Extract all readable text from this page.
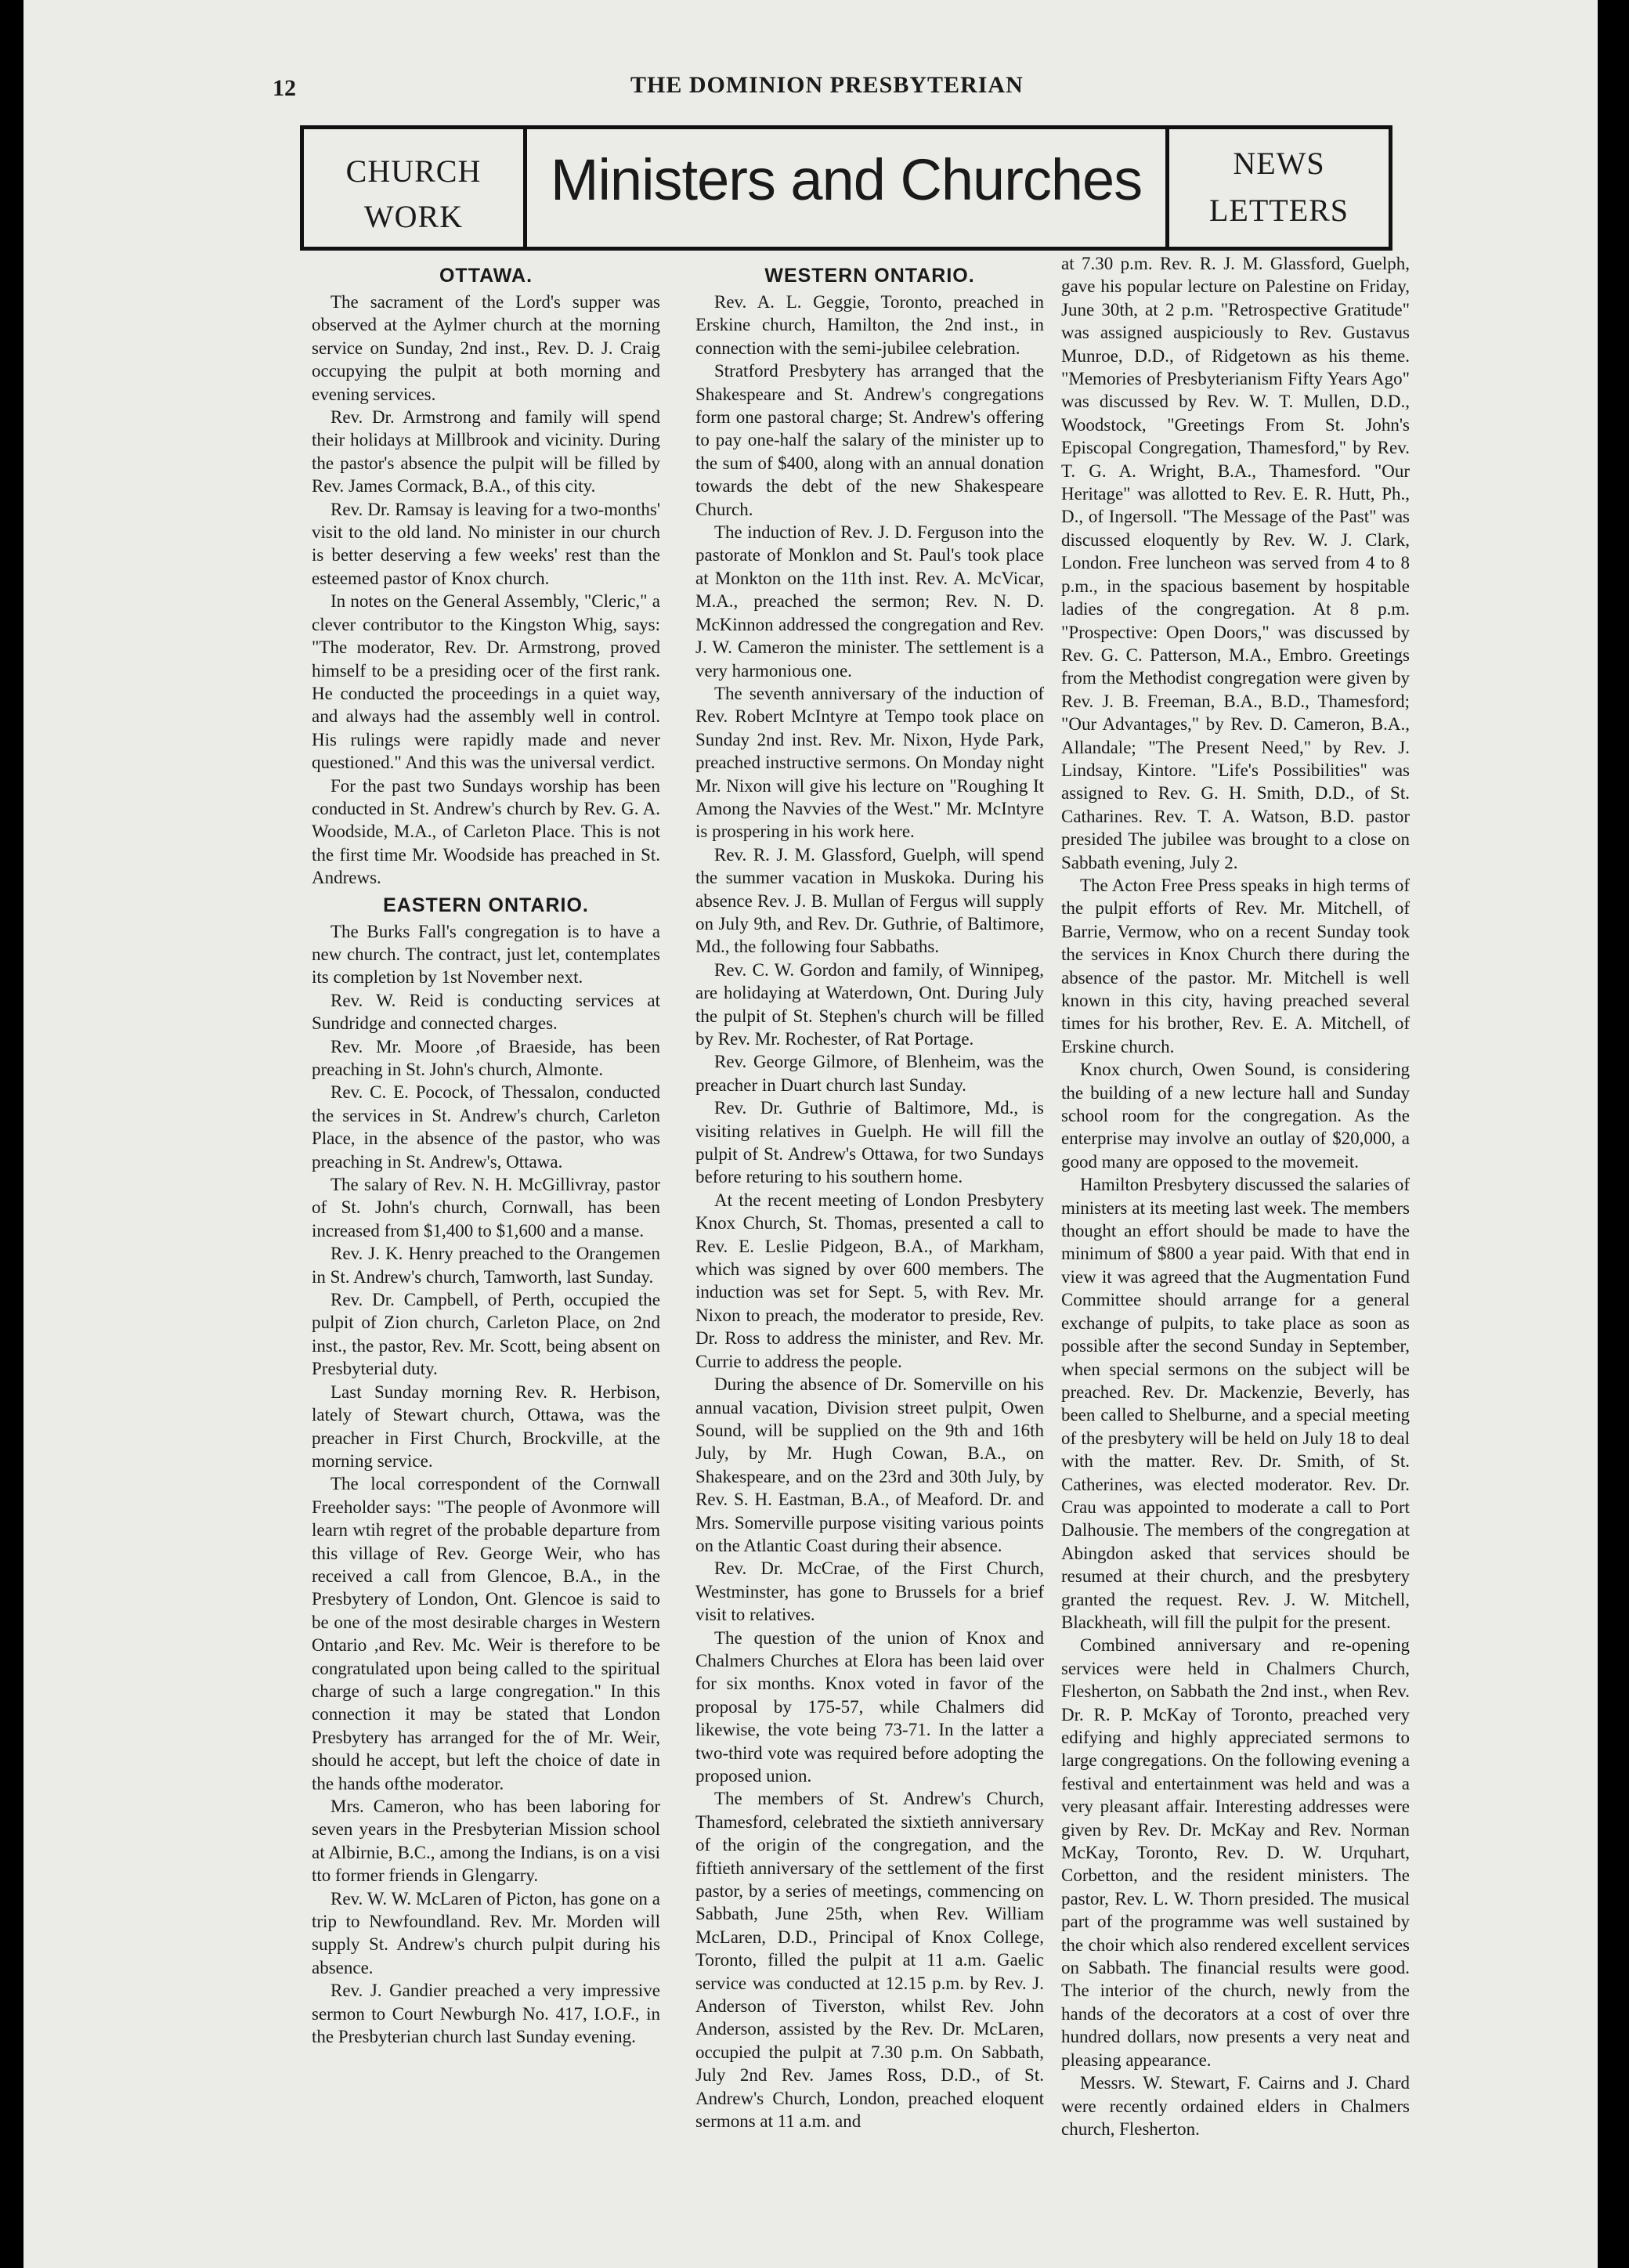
12	THE DOMINION PRESBYTERIAN
CHURCH
WORK
Ministers and Churches	NEWS
LETTERS
OTTAWA.

The sacrament of the Lord's supper was observed at the Aylmer church at the morning service on Sunday, 2nd inst., Rev. D. J. Craig occupying the pulpit at both morning and evening services.

Rev. Dr. Armstrong and family will spend their holidays at Millbrook and vicinity. During the pastor's absence the pulpit will be filled by Rev. James Cormack, B.A., of this city.

Rev. Dr. Ramsay is leaving for a two-months' visit to the old land. No minister in our church is better deserving a few weeks' rest than the esteemed pastor of Knox church.

In notes on the General Assembly, "Cleric," a clever contributor to the Kingston Whig, says: "The moderator, Rev. Dr. Armstrong, proved himself to be a presiding ocer of the first rank. He conducted the proceedings in a quiet way, and always had the assembly well in control. His rulings were rapidly made and never questioned." And this was the universal verdict.

For the past two Sundays worship has been conducted in St. Andrew's church by Rev. G. A. Woodside, M.A., of Carleton Place. This is not the first time Mr. Woodside has preached in St. Andrews.

EASTERN ONTARIO.

The Burks Fall's congregation is to have a new church. The contract, just let, contemplates its completion by 1st November next.

Rev. W. Reid is conducting services at Sundridge and connected charges.

Rev. Mr. Moore ,of Braeside, has been preaching in St. John's church, Almonte.

Rev. C. E. Pocock, of Thessalon, conducted the services in St. Andrew's church, Carleton Place, in the absence of the pastor, who was preaching in St. Andrew's, Ottawa.

The salary of Rev. N. H. McGillivray, pastor of St. John's church, Cornwall, has been increased from $1,400 to $1,600 and a manse.

Rev. J. K. Henry preached to the Orangemen in St. Andrew's church, Tamworth, last Sunday.

Rev. Dr. Campbell, of Perth, occupied the pulpit of Zion church, Carleton Place, on 2nd inst., the pastor, Rev. Mr. Scott, being absent on Presbyterial duty.

Last Sunday morning Rev. R. Herbison, lately of Stewart church, Ottawa, was the preacher in First Church, Brockville, at the morning service.

The local correspondent of the Cornwall Freeholder says: "The people of Avonmore will learn wtih regret of the probable departure from this village of Rev. George Weir, who has received a call from Glencoe, B.A., in the Presbytery of London, Ont. Glencoe is said to be one of the most desirable charges in Western Ontario ,and Rev. Mc. Weir is therefore to be congratulated upon being called to the spiritual charge of such a large congregation." In this connection it may be stated that London Presbytery has arranged for the of Mr. Weir, should he accept, but left the choice of date in the hands ofthe moderator.

Mrs. Cameron, who has been laboring for seven years in the Presbyterian Mission school at Albirnie, B.C., among the Indians, is on a visi tto former friends in Glengarry.

Rev. W. W. McLaren of Picton, has gone on a trip to Newfoundland. Rev. Mr. Morden will supply St. Andrew's church pulpit during his absence.

Rev. J. Gandier preached a very impressive sermon to Court Newburgh No. 417, I.O.F., in the Presbyterian church last Sunday evening.

WESTERN ONTARIO.

Rev. A. L. Geggie, Toronto, preached in Erskine church, Hamilton, the 2nd inst., in connection with the semi-jubilee celebration.

Stratford Presbytery has arranged that the Shakespeare and St. Andrew's congregations form one pastoral charge; St. Andrew's offering to pay one-half the salary of the minister up to the sum of $400, along with an annual donation towards the debt of the new Shakespeare Church.

The induction of Rev. J. D. Ferguson into the pastorate of Monklon and St. Paul's took place at Monkton on the 11th inst. Rev. A. McVicar, M.A., preached the sermon; Rev. N. D. McKinnon addressed the congregation and Rev. J. W. Cameron the minister. The settlement is a very harmonious one.

The seventh anniversary of the induction of Rev. Robert McIntyre at Tempo took place on Sunday 2nd inst. Rev. Mr. Nixon, Hyde Park, preached instructive sermons. On Monday night Mr. Nixon will give his lecture on "Roughing It Among the Navvies of the West." Mr. McIntyre is prospering in his work here.

Rev. R. J. M. Glassford, Guelph, will spend the summer vacation in Muskoka. During his absence Rev. J. B. Mullan of Fergus will supply on July 9th, and Rev. Dr. Guthrie, of Baltimore, Md., the following four Sabbaths.

Rev. C. W. Gordon and family, of Winnipeg, are holidaying at Waterdown, Ont. During July the pulpit of St. Stephen's church will be filled by Rev. Mr. Rochester, of Rat Portage.

Rev. George Gilmore, of Blenheim, was the preacher in Duart church last Sunday.

Rev. Dr. Guthrie of Baltimore, Md., is visiting relatives in Guelph. He will fill the pulpit of St. Andrew's Ottawa, for two Sundays before returing to his southern home.

At the recent meeting of London Presbytery Knox Church, St. Thomas, presented a call to Rev. E. Leslie Pidgeon, B.A., of Markham, which was signed by over 600 members. The induction was set for Sept. 5, with Rev. Mr. Nixon to preach, the moderator to preside, Rev. Dr. Ross to address the minister, and Rev. Mr. Currie to address the people.

During the absence of Dr. Somerville on his annual vacation, Division street pulpit, Owen Sound, will be supplied on the 9th and 16th July, by Mr. Hugh Cowan, B.A., on Shakespeare, and on the 23rd and 30th July, by Rev. S. H. Eastman, B.A., of Meaford. Dr. and Mrs. Somerville purpose visiting various points on the Atlantic Coast during their absence.

Rev. Dr. McCrae, of the First Church, Westminster, has gone to Brussels for a brief visit to relatives.

The question of the union of Knox and Chalmers Churches at Elora has been laid over for six months. Knox voted in favor of the proposal by 175-57, while Chalmers did likewise, the vote being 73-71. In the latter a two-third vote was required before adopting the proposed union.

The members of St. Andrew's Church, Thamesford, celebrated the sixtieth anniversary of the origin of the congregation, and the fiftieth anniversary of the settlement of the first pastor, by a series of meetings, commencing on Sabbath, June 25th, when Rev. William McLaren, D.D., Principal of Knox College, Toronto, filled the pulpit at 11 a.m. Gaelic service was conducted at 12.15 p.m. by Rev. J. Anderson of Tiverston, whilst Rev. John Anderson, assisted by the Rev. Dr. McLaren, occupied the pulpit at 7.30 p.m. On Sabbath, July 2nd Rev. James Ross, D.D., of St. Andrew's Church, London, preached eloquent sermons at 11 a.m. and

at 7.30 p.m. Rev. R. J. M. Glassford, Guelph, gave his popular lecture on Palestine on Friday, June 30th, at 2 p.m. "Retrospective Gratitude" was assigned auspiciously to Rev. Gustavus Munroe, D.D., of Ridgetown as his theme. "Memories of Presbyterianism Fifty Years Ago" was discussed by Rev. W. T. Mullen, D.D., Woodstock, "Greetings From St. John's Episcopal Congregation, Thamesford," by Rev. T. G. A. Wright, B.A., Thamesford. "Our Heritage" was allotted to Rev. E. R. Hutt, Ph., D., of Ingersoll. "The Message of the Past" was discussed eloquently by Rev. W. J. Clark, London. Free luncheon was served from 4 to 8 p.m., in the spacious basement by hospitable ladies of the congregation. At 8 p.m. "Prospective: Open Doors," was discussed by Rev. G. C. Patterson, M.A., Embro. Greetings from the Methodist congregation were given by Rev. J. B. Freeman, B.A., B.D., Thamesford; "Our Advantages," by Rev. D. Cameron, B.A., Allandale; "The Present Need," by Rev. J. Lindsay, Kintore. "Life's Possibilities" was assigned to Rev. G. H. Smith, D.D., of St. Catharines. Rev. T. A. Watson, B.D. pastor presided The jubilee was brought to a close on Sabbath evening, July 2.

The Acton Free Press speaks in high terms of the pulpit efforts of Rev. Mr. Mitchell, of Barrie, Vermow, who on a recent Sunday took the services in Knox Church there during the absence of the pastor. Mr. Mitchell is well known in this city, having preached several times for his brother, Rev. E. A. Mitchell, of Erskine church.

Knox church, Owen Sound, is considering the building of a new lecture hall and Sunday school room for the congregation. As the enterprise may involve an outlay of $20,000, a good many are opposed to the movemeit.

Hamilton Presbytery discussed the salaries of ministers at its meeting last week. The members thought an effort should be made to have the minimum of $800 a year paid. With that end in view it was agreed that the Augmentation Fund Committee should arrange for a general exchange of pulpits, to take place as soon as possible after the second Sunday in September, when special sermons on the subject will be preached. Rev. Dr. Mackenzie, Beverly, has been called to Shelburne, and a special meeting of the presbytery will be held on July 18 to deal with the matter. Rev. Dr. Smith, of St. Catherines, was elected moderator. Rev. Dr. Crau was appointed to moderate a call to Port Dalhousie. The members of the congregation at Abingdon asked that services should be resumed at their church, and the presbytery granted the request. Rev. J. W. Mitchell, Blackheath, will fill the pulpit for the present.

Combined anniversary and re-opening services were held in Chalmers Church, Flesherton, on Sabbath the 2nd inst., when Rev. Dr. R. P. McKay of Toronto, preached very edifying and highly appreciated sermons to large congregations. On the following evening a festival and entertainment was held and was a very pleasant affair. Interesting addresses were given by Rev. Dr. McKay and Rev. Norman McKay, Toronto, Rev. D. W. Urquhart, Corbetton, and the resident ministers. The pastor, Rev. L. W. Thorn presided. The musical part of the programme was well sustained by the choir which also rendered excellent services on Sabbath. The financial results were good. The interior of the church, newly from the hands of the decorators at a cost of over thre hundred dollars, now presents a very neat and pleasing appearance.

Messrs. W. Stewart, F. Cairns and J. Chard were recently ordained elders in Chalmers church, Flesherton.
